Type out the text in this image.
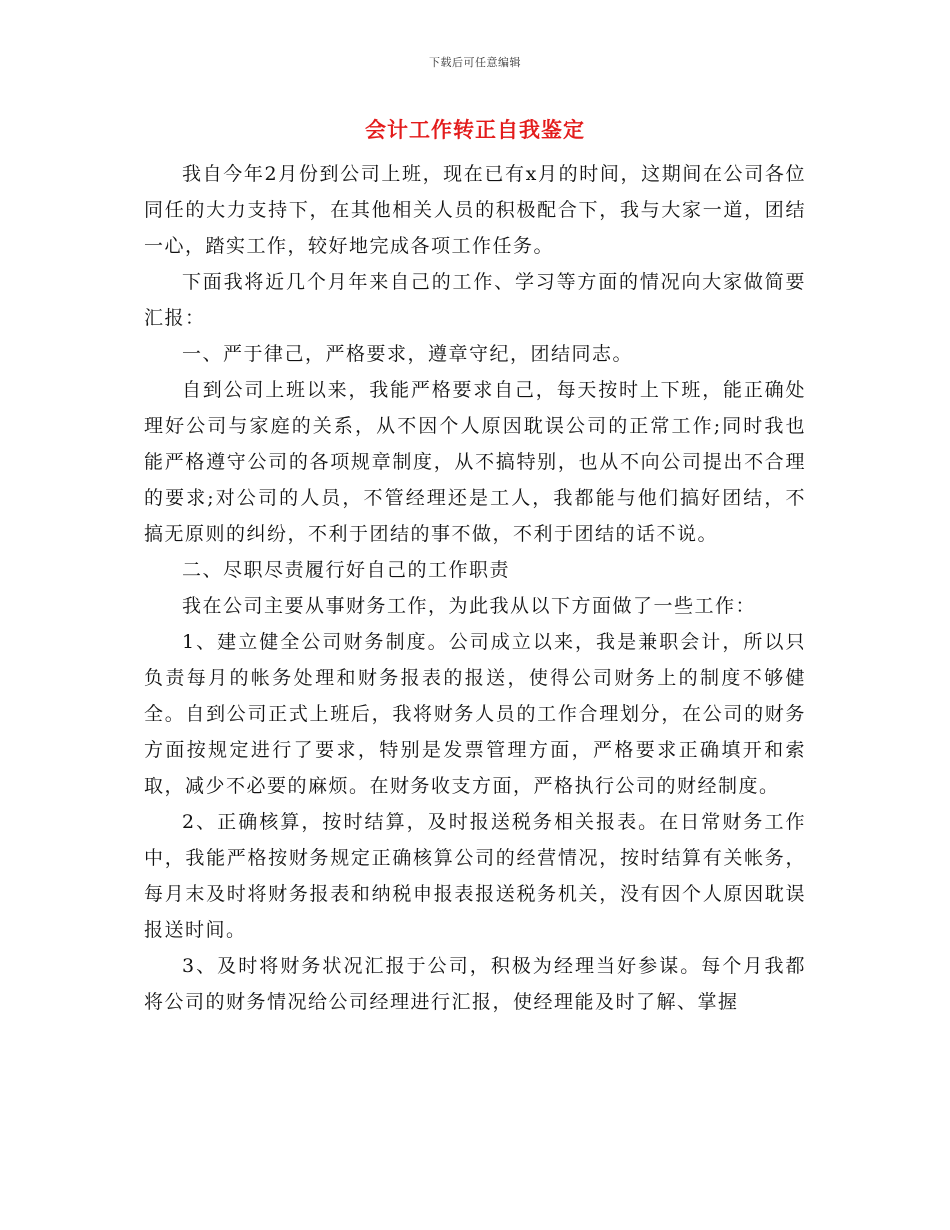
下载后可任意编辑
会计工作转正自我鉴定

我自今年2月份到公司上班，现在已有x月的时间，这期间在公司各位同任的大力支持下，在其他相关人员的积极配合下，我与大家一道，团结一心，踏实工作，较好地完成各项工作任务。

下面我将近几个月年来自己的工作、学习等方面的情况向大家做简要汇报：

一、严于律己，严格要求，遵章守纪，团结同志。

自到公司上班以来，我能严格要求自己，每天按时上下班，能正确处理好公司与家庭的关系，从不因个人原因耽误公司的正常工作;同时我也能严格遵守公司的各项规章制度，从不搞特别，也从不向公司提出不合理的要求;对公司的人员，不管经理还是工人，我都能与他们搞好团结，不搞无原则的纠纷，不利于团结的事不做，不利于团结的话不说。

二、尽职尽责履行好自己的工作职责

我在公司主要从事财务工作，为此我从以下方面做了一些工作：

1、建立健全公司财务制度。公司成立以来，我是兼职会计，所以只负责每月的帐务处理和财务报表的报送，使得公司财务上的制度不够健全。自到公司正式上班后，我将财务人员的工作合理划分，在公司的财务方面按规定进行了要求，特别是发票管理方面，严格要求正确填开和索取，减少不必要的麻烦。在财务收支方面，严格执行公司的财经制度。

2、正确核算，按时结算，及时报送税务相关报表。在日常财务工作中，我能严格按财务规定正确核算公司的经营情况，按时结算有关帐务，每月末及时将财务报表和纳税申报表报送税务机关，没有因个人原因耽误报送时间。

3、及时将财务状况汇报于公司，积极为经理当好参谋。每个月我都将公司的财务情况给公司经理进行汇报，使经理能及时了解、掌握
